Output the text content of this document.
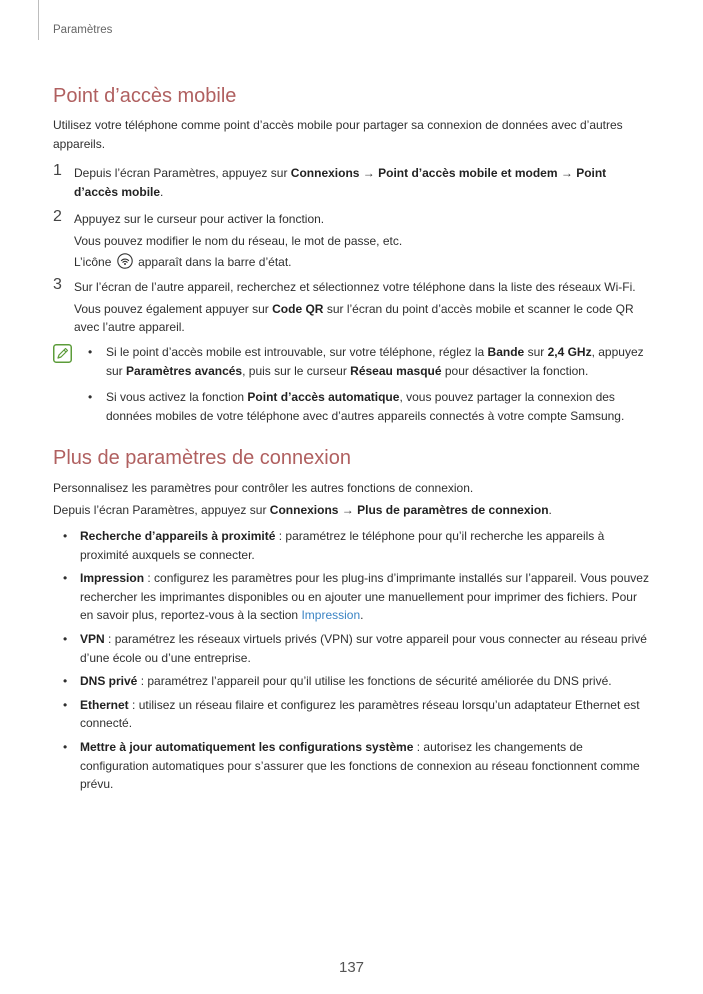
Paramètres
Point d’accès mobile

Utilisez votre téléphone comme point d’accès mobile pour partager sa connexion de données avec d’autres appareils.

1 Depuis l’écran Paramètres, appuyez sur Connexions → Point d’accès mobile et modem → Point d’accès mobile.
2 Appuyez sur le curseur pour activer la fonction.

Vous pouvez modifier le nom du réseau, le mot de passe, etc.

L’icône apparaît dans la barre d’état.

3 Sur l’écran de l’autre appareil, recherchez et sélectionnez votre téléphone dans la liste des réseaux Wi-Fi.

Vous pouvez également appuyer sur Code QR sur l’écran du point d’accès mobile et scanner le code QR avec l’autre appareil.

• Si le point d’accès mobile est introuvable, sur votre téléphone, réglez la Bande sur 2,4 GHz, appuyez sur Paramètres avancés, puis sur le curseur Réseau masqué pour désactiver la fonction.
• Si vous activez la fonction Point d’accès automatique, vous pouvez partager la connexion des données mobiles de votre téléphone avec d’autres appareils connectés à votre compte Samsung.
Plus de paramètres de connexion

Personnalisez les paramètres pour contrôler les autres fonctions de connexion.

Depuis l’écran Paramètres, appuyez sur Connexions → Plus de paramètres de connexion.

• Recherche d’appareils à proximité : paramétrez le téléphone pour qu’il recherche les appareils à proximité auxquels se connecter.
• Impression : configurez les paramètres pour les plug-ins d’imprimante installés sur l’appareil. Vous pouvez rechercher les imprimantes disponibles ou en ajouter une manuellement pour imprimer des fichiers. Pour en savoir plus, reportez-vous à la section Impression.
• VPN : paramétrez les réseaux virtuels privés (VPN) sur votre appareil pour vous connecter au réseau privé d’une école ou d’une entreprise.
• DNS privé : paramétrez l’appareil pour qu’il utilise les fonctions de sécurité améliorée du DNS privé.
• Ethernet : utilisez un réseau filaire et configurez les paramètres réseau lorsqu’un adaptateur Ethernet est connecté.
• Mettre à jour automatiquement les configurations système : autorisez les changements de configuration automatiques pour s’assurer que les fonctions de connexion au réseau fonctionnent comme prévu.
137
